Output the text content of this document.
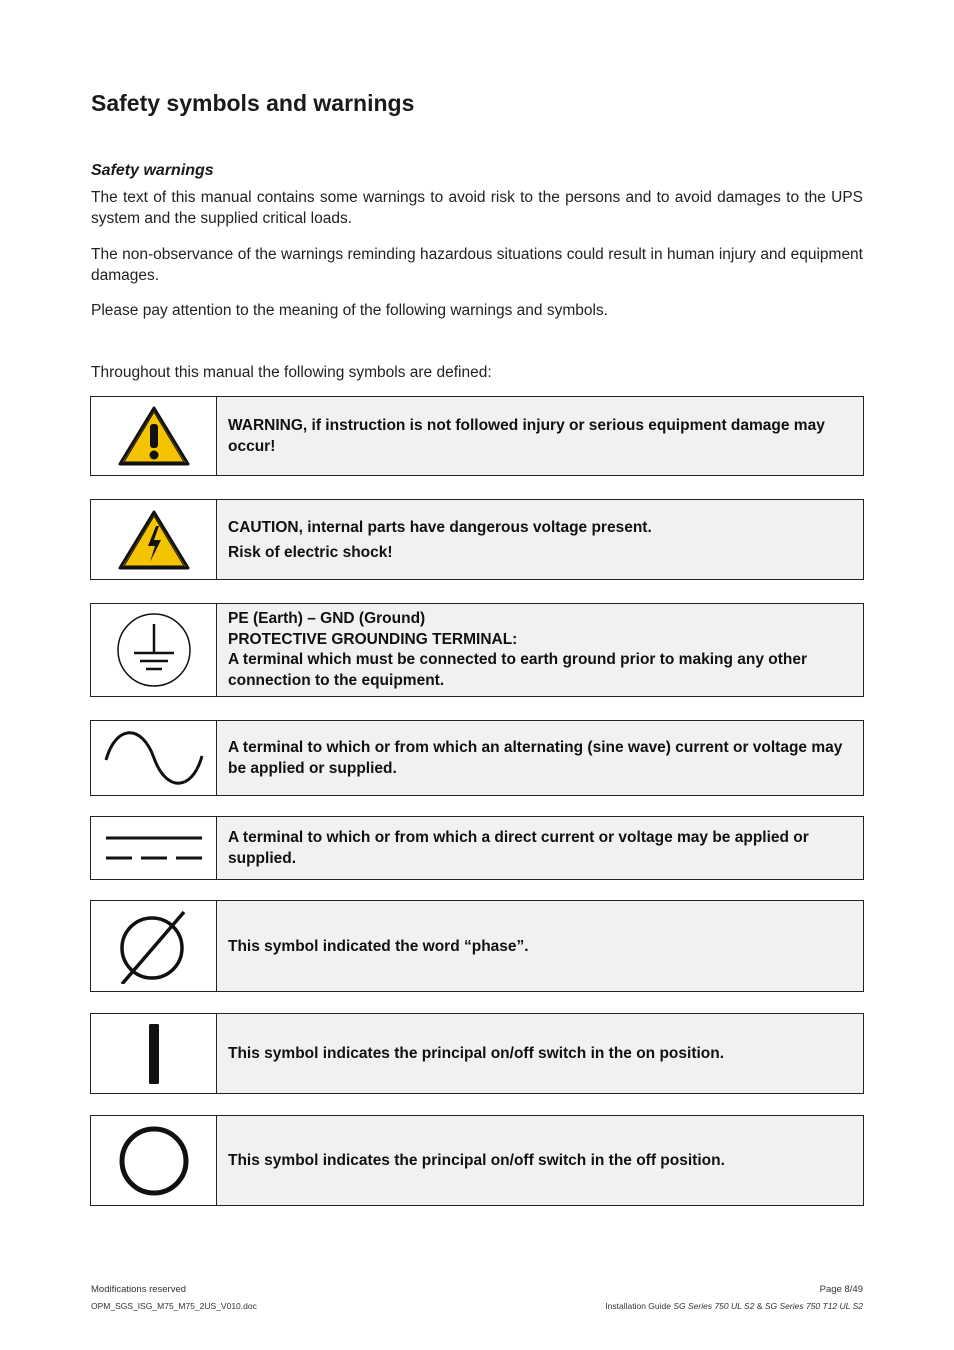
Safety symbols and warnings
Safety warnings
The text of this manual contains some warnings to avoid risk to the persons and to avoid damages to the UPS system and the supplied critical loads.
The non-observance of the warnings reminding hazardous situations could result in human injury and equipment damages.
Please pay attention to the meaning of the following warnings and symbols.
Throughout this manual the following symbols are defined:
WARNING, if instruction is not followed injury or serious equipment damage may occur!
CAUTION, internal parts have dangerous voltage present.
Risk of electric shock!
PE (Earth) – GND (Ground)
PROTECTIVE GROUNDING TERMINAL:
A terminal which must be connected to earth ground prior to making any other connection to the equipment.
A terminal to which or from which an alternating (sine wave) current or voltage may be applied or supplied.
A terminal to which or from which a direct current or voltage may be applied or supplied.
This symbol indicated the word “phase”.
This symbol indicates the principal on/off switch in the on position.
This symbol indicates the principal on/off switch in the off position.
Modifications reserved
OPM_SGS_ISG_M75_M75_2US_V010.doc
Page 8/49
Installation Guide SG Series 750 UL S2 & SG Series 750 T12 UL S2
